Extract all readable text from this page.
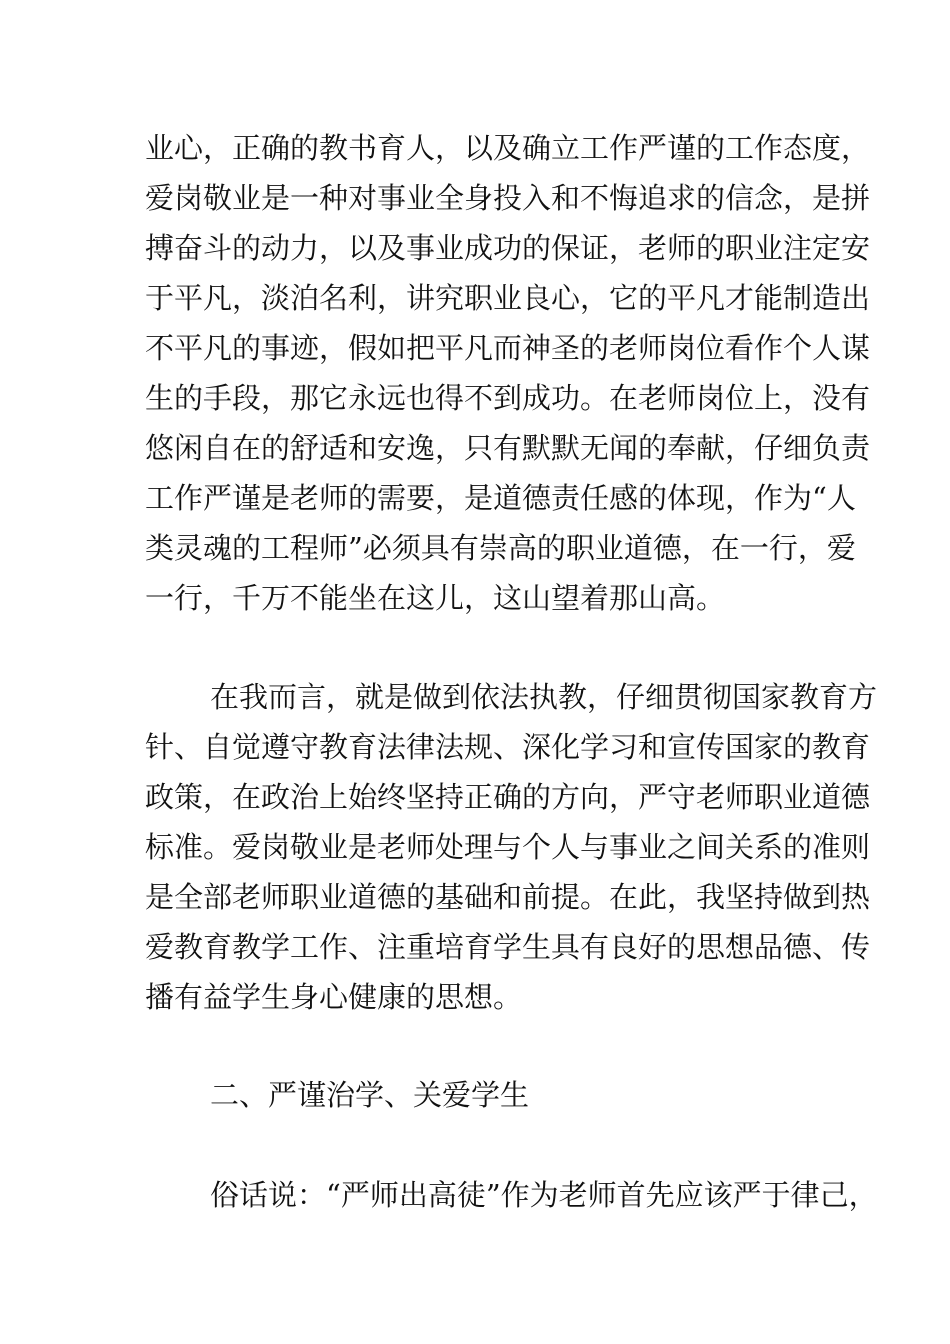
业心，正确的教书育人，以及确立工作严谨的工作态度，
爱岗敬业是一种对事业全身投入和不悔追求的信念，是拼
搏奋斗的动力，以及事业成功的保证，老师的职业注定安
于平凡，淡泊名利，讲究职业良心，它的平凡才能制造出
不平凡的事迹，假如把平凡而神圣的老师岗位看作个人谋
生的手段，那它永远也得不到成功。在老师岗位上，没有
悠闲自在的舒适和安逸，只有默默无闻的奉献，仔细负责
工作严谨是老师的需要，是道德责任感的体现，作为“人
类灵魂的工程师”必须具有崇高的职业道德，在一行，爱
一行，千万不能坐在这儿，这山望着那山高。
在我而言，就是做到依法执教，仔细贯彻国家教育方
针、自觉遵守教育法律法规、深化学习和宣传国家的教育
政策，在政治上始终坚持正确的方向，严守老师职业道德
标准。爱岗敬业是老师处理与个人与事业之间关系的准则
是全部老师职业道德的基础和前提。在此，我坚持做到热
爱教育教学工作、注重培育学生具有良好的思想品德、传
播有益学生身心健康的思想。
二、严谨治学、关爱学生
俗话说：“严师出高徒”作为老师首先应该严于律己，
